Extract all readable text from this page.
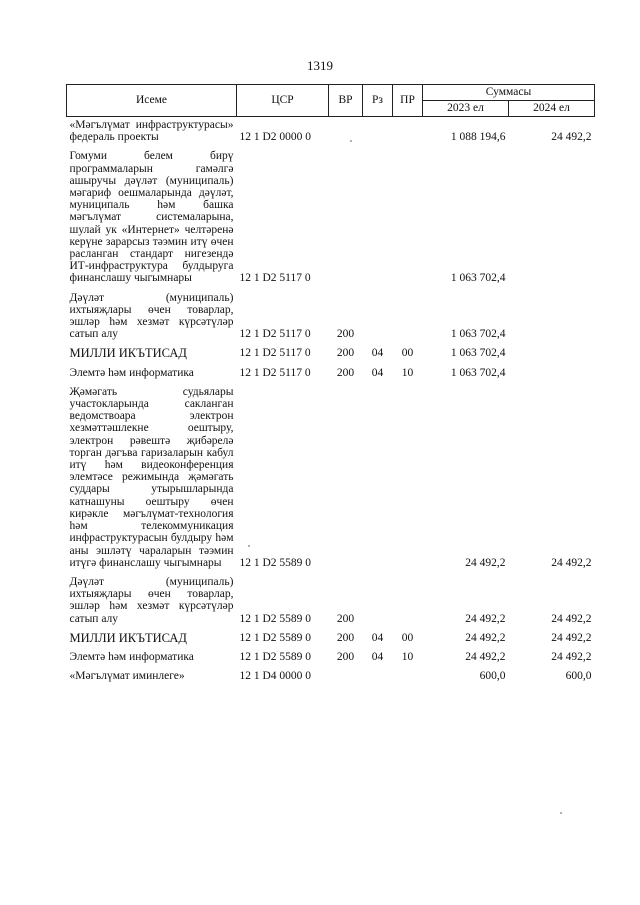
1319
Исеме	ЦСР	ВР	Рз	ПР	Суммасы	
					2023 ел	2024 ел
«Мәгълүмат инфраструктурасы» федераль проекты	12 1 D2 0000 0				1 088 194,6	24 492,2
Гомуми белем бирү программаларын гамәлгә ашыручы дәүләт (муниципаль) мәгариф оешмаларында дәүләт, муниципаль һәм башка мәгълүмат системаларына, шулай ук «Интернет» челтәренә керүне зарарсыз тәэмин итү өчен расланган стандарт нигезендә ИТ-инфраструктура булдыруга финанслашу чыгымнары	12 1 D2 5117 0				1 063 702,4	
Дәүләт (муниципаль) ихтыяҗлары өчен товарлар, эшләр һәм хезмәт күрсәтүләр сатып алу	12 1 D2 5117 0	200			1 063 702,4	
МИЛЛИ ИКЪТИСАД	12 1 D2 5117 0	200	04	00	1 063 702,4	
Элемтә һәм информатика	12 1 D2 5117 0	200	04	10	1 063 702,4	
Җәмәгать судьялары участокларында сакланган ведомствоара электрон хезмәттәшлекне оештыру, электрон рәвештә җибәрелә торган дәгъва гаризаларын кабул итү һәм видеоконференция элемтәсе режимында җәмәгать суддары утырышларында катнашуны оештыру өчен кирәкле мәгълүмат-технология һәм телекоммуникация инфраструктурасын булдыру һәм аны эшләтү чараларын тәэмин итүгә финанслашу чыгымнары	12 1 D2 5589 0				24 492,2	24 492,2
Дәүләт (муниципаль) ихтыяҗлары өчен товарлар, эшләр һәм хезмәт күрсәтүләр сатып алу	12 1 D2 5589 0	200			24 492,2	24 492,2
МИЛЛИ ИКЪТИСАД	12 1 D2 5589 0	200	04	00	24 492,2	24 492,2
Элемтә һәм информатика	12 1 D2 5589 0	200	04	10	24 492,2	24 492,2
«Мәгълүмат иминлеге»	12 1 D4 0000 0				600,0	600,0
